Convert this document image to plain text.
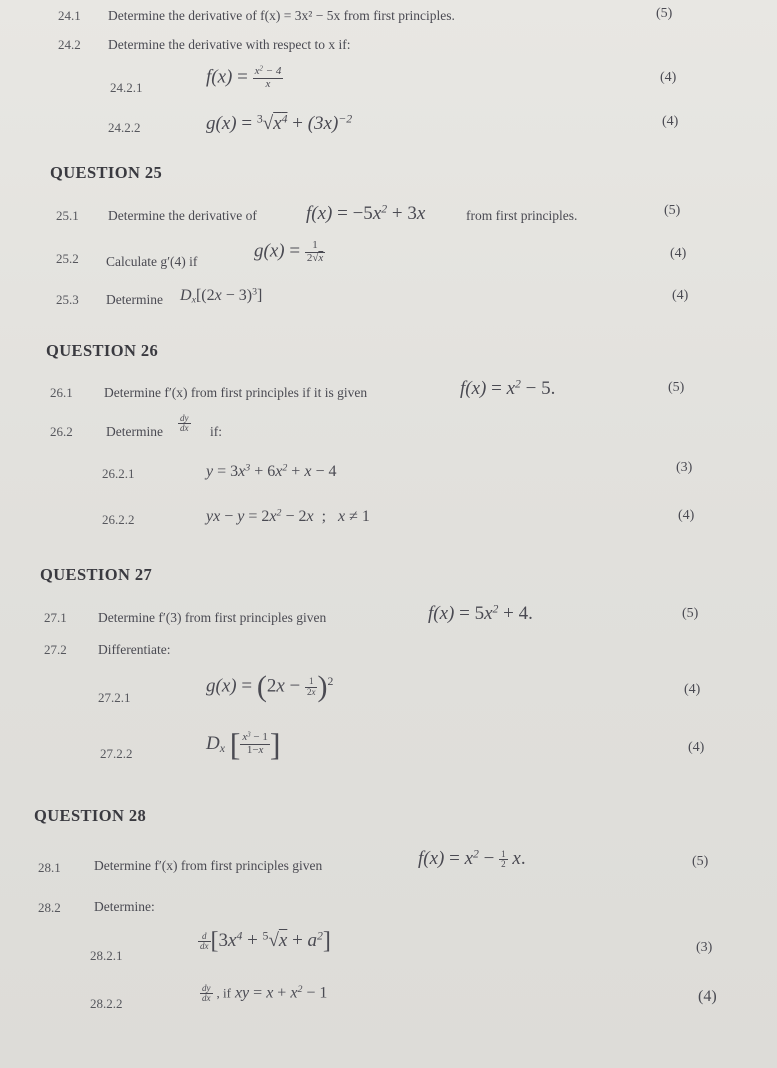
24.1 Determine the derivative of f(x) = 3x² − 5x from first principles.	(5)
24.2 Determine the derivative with respect to x if:
24.2.1
$f(x) = \frac{x^2 - 4}{x}$	(4)
24.2.2	$g(x) = ^3√x^4 + (3x)^{-2}$	(4)
QUESTION 25
25.1 Determine the derivative of	$f(x) = -5x^2 + 3x$	from first principles.	(5)
25.2 Calculate g′(4) if
$g(x) = \frac{1}{2√x}$	(4)
25.3 Determine $D_x[(2x - 3)^3]$	(4)
QUESTION 26
26.1 Determine f′(x) from first principles if it is given	$f(x) = x^2 - 5$.	(5)
26.2 Determine $\frac{dy}{dx}$ if:
26.2.1	$y = 3x^3 + 6x^2 + x - 4$	(3)
26.2.2	yx − $y = 2x^2 - 2x$  ;   x ≠ 1	(4)
QUESTION 27
27.1 Determine f′(3) from first principles given	$f(x) = 5x^2 + 4$.	(5)
27.2 Differentiate:
27.2.1
$g(x) = (2x - \frac{1}{2x} )^2$
(4)
27.2.2	$D_x$ [ $\frac{x^3 - 1}{1-x}$ ]	(4)
QUESTION 28
28.1 Determine f′(x) from first principles given	$f(x) = x^2 - \frac{1}{2} x$.	(5)
28.2 Determine:
28.2.1
$\frac{d}{dx} [3x^4 + ^5√x + a^2]$	(3)
28.2.2	$\frac{dy}{dx}$ , if xy = $x + x^2 - 1$	(4)
